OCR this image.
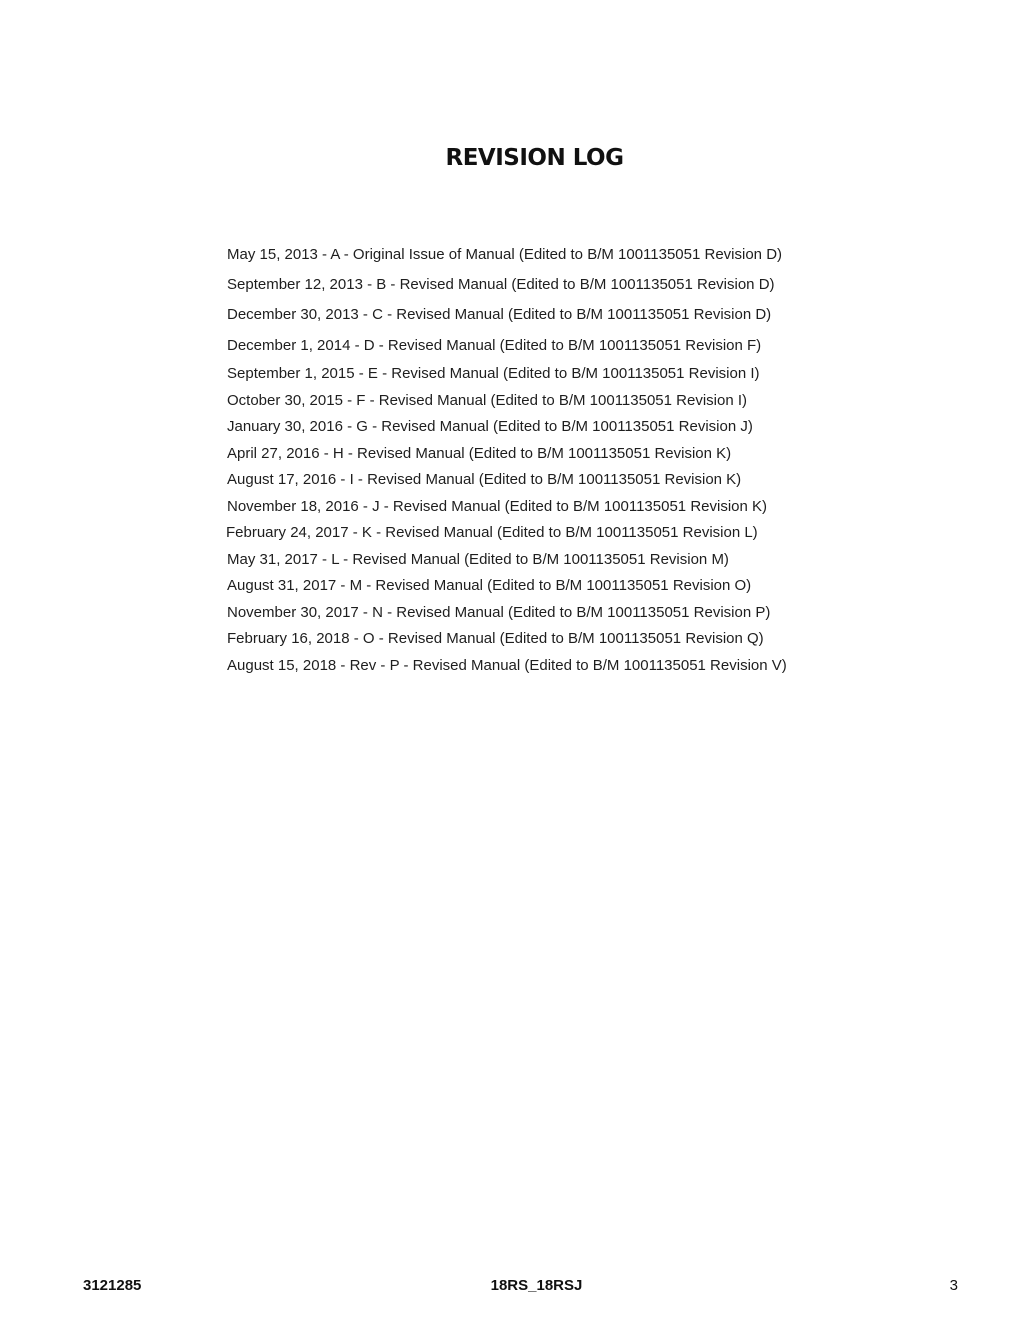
REVISION LOG
May 15, 2013 - A - Original Issue of Manual (Edited to B/M 1001135051 Revision D)
September 12, 2013 - B - Revised Manual (Edited to B/M 1001135051 Revision D)
December 30, 2013 - C - Revised Manual (Edited to B/M 1001135051 Revision D)
December 1, 2014 - D - Revised Manual (Edited to B/M 1001135051 Revision F)
September 1, 2015 - E - Revised Manual (Edited to B/M 1001135051 Revision I)
October 30, 2015 - F - Revised Manual (Edited to B/M 1001135051 Revision I)
January 30, 2016 - G - Revised Manual (Edited to B/M 1001135051 Revision J)
April 27, 2016 - H - Revised Manual (Edited to B/M 1001135051 Revision K)
August 17, 2016 - I - Revised Manual (Edited to B/M 1001135051 Revision K)
November 18, 2016 - J - Revised Manual (Edited to B/M 1001135051 Revision K)
February 24, 2017 - K - Revised Manual (Edited to B/M 1001135051 Revision L)
May 31, 2017 - L - Revised Manual (Edited to B/M 1001135051 Revision M)
August 31, 2017 - M - Revised Manual (Edited to B/M 1001135051 Revision O)
November 30, 2017 - N - Revised Manual (Edited to B/M 1001135051 Revision P)
February 16, 2018 - O - Revised Manual (Edited to B/M 1001135051 Revision Q)
August 15, 2018 - Rev - P - Revised Manual (Edited to B/M 1001135051 Revision V)
3121285	18RS_18RSJ	3
